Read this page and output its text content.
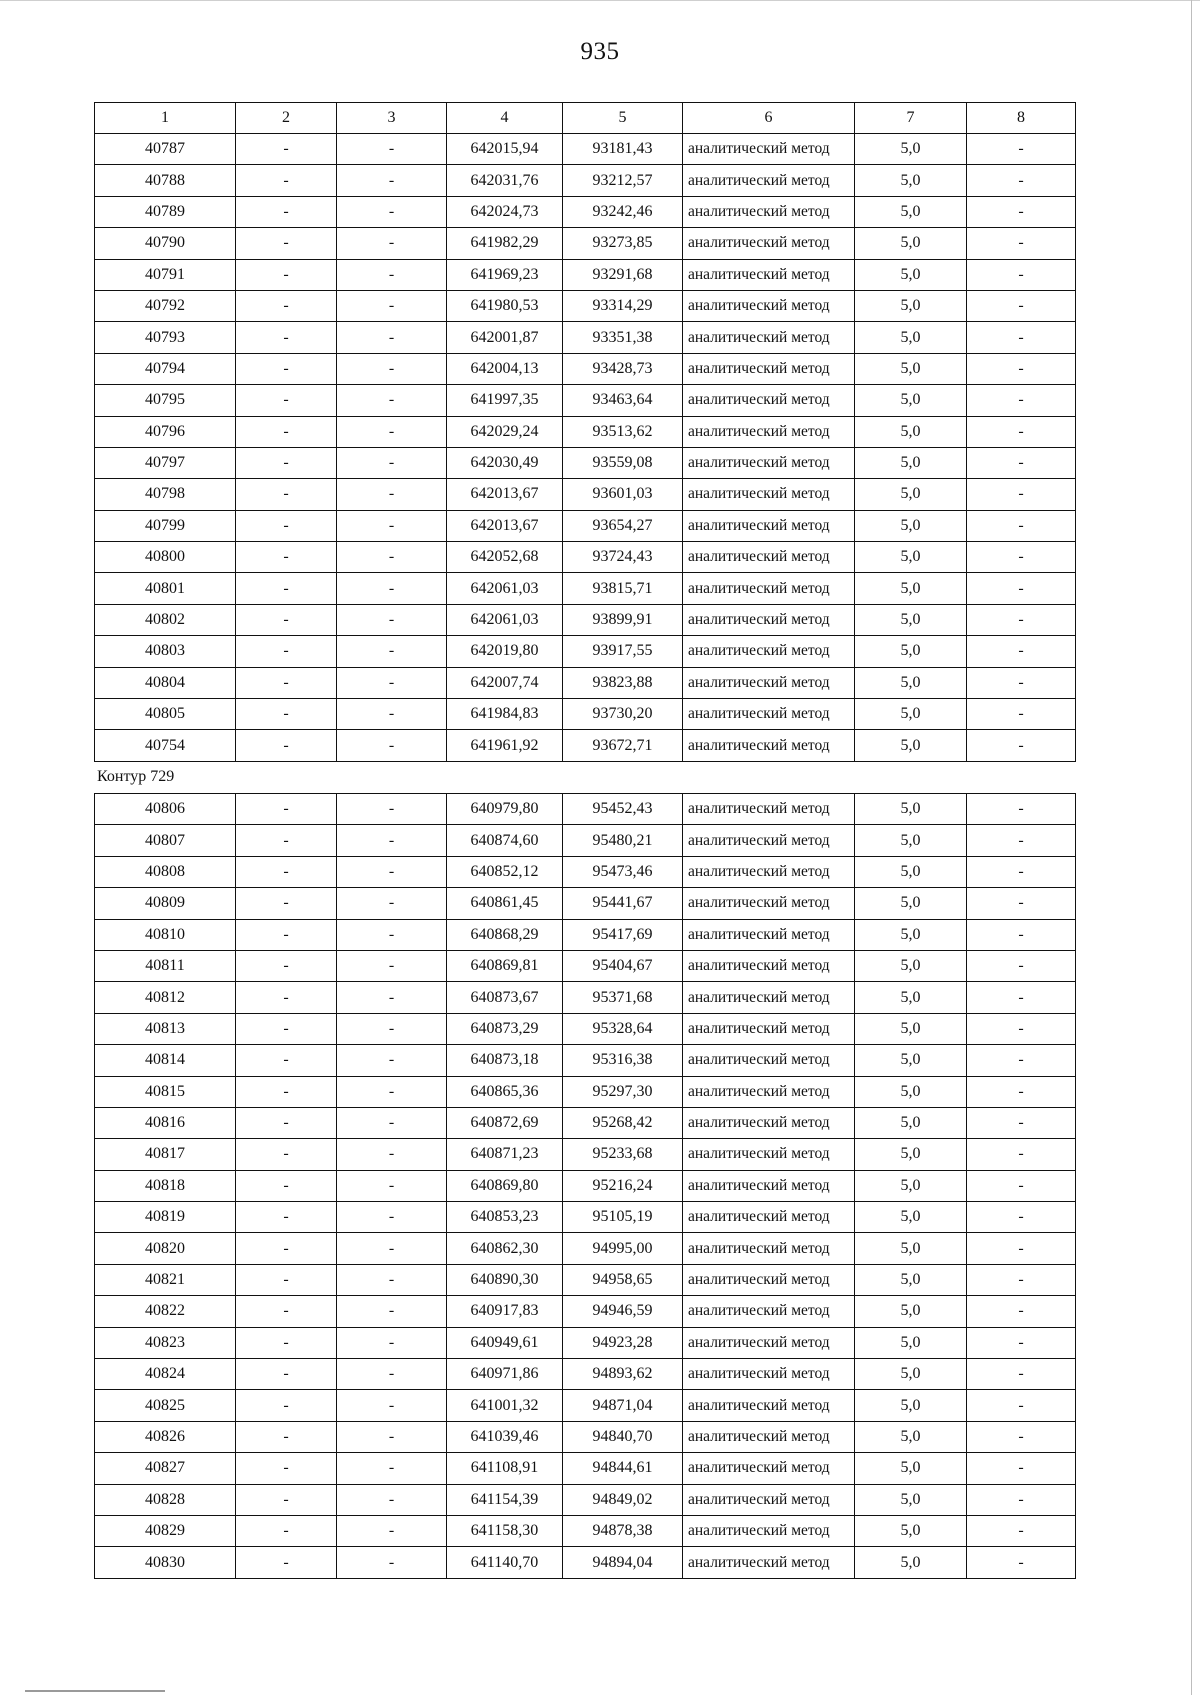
935
1	2	3	4	5	6	7	8
40787	-	-	642015,94	93181,43	аналитический метод	5,0	-
40788	-	-	642031,76	93212,57	аналитический метод	5,0	-
40789	-	-	642024,73	93242,46	аналитический метод	5,0	-
40790	-	-	641982,29	93273,85	аналитический метод	5,0	-
40791	-	-	641969,23	93291,68	аналитический метод	5,0	-
40792	-	-	641980,53	93314,29	аналитический метод	5,0	-
40793	-	-	642001,87	93351,38	аналитический метод	5,0	-
40794	-	-	642004,13	93428,73	аналитический метод	5,0	-
40795	-	-	641997,35	93463,64	аналитический метод	5,0	-
40796	-	-	642029,24	93513,62	аналитический метод	5,0	-
40797	-	-	642030,49	93559,08	аналитический метод	5,0	-
40798	-	-	642013,67	93601,03	аналитический метод	5,0	-
40799	-	-	642013,67	93654,27	аналитический метод	5,0	-
40800	-	-	642052,68	93724,43	аналитический метод	5,0	-
40801	-	-	642061,03	93815,71	аналитический метод	5,0	-
40802	-	-	642061,03	93899,91	аналитический метод	5,0	-
40803	-	-	642019,80	93917,55	аналитический метод	5,0	-
40804	-	-	642007,74	93823,88	аналитический метод	5,0	-
40805	-	-	641984,83	93730,20	аналитический метод	5,0	-
40754	-	-	641961,92	93672,71	аналитический метод	5,0	-
Контур 729
40806	-	-	640979,80	95452,43	аналитический метод	5,0	-
40807	-	-	640874,60	95480,21	аналитический метод	5,0	-
40808	-	-	640852,12	95473,46	аналитический метод	5,0	-
40809	-	-	640861,45	95441,67	аналитический метод	5,0	-
40810	-	-	640868,29	95417,69	аналитический метод	5,0	-
40811	-	-	640869,81	95404,67	аналитический метод	5,0	-
40812	-	-	640873,67	95371,68	аналитический метод	5,0	-
40813	-	-	640873,29	95328,64	аналитический метод	5,0	-
40814	-	-	640873,18	95316,38	аналитический метод	5,0	-
40815	-	-	640865,36	95297,30	аналитический метод	5,0	-
40816	-	-	640872,69	95268,42	аналитический метод	5,0	-
40817	-	-	640871,23	95233,68	аналитический метод	5,0	-
40818	-	-	640869,80	95216,24	аналитический метод	5,0	-
40819	-	-	640853,23	95105,19	аналитический метод	5,0	-
40820	-	-	640862,30	94995,00	аналитический метод	5,0	-
40821	-	-	640890,30	94958,65	аналитический метод	5,0	-
40822	-	-	640917,83	94946,59	аналитический метод	5,0	-
40823	-	-	640949,61	94923,28	аналитический метод	5,0	-
40824	-	-	640971,86	94893,62	аналитический метод	5,0	-
40825	-	-	641001,32	94871,04	аналитический метод	5,0	-
40826	-	-	641039,46	94840,70	аналитический метод	5,0	-
40827	-	-	641108,91	94844,61	аналитический метод	5,0	-
40828	-	-	641154,39	94849,02	аналитический метод	5,0	-
40829	-	-	641158,30	94878,38	аналитический метод	5,0	-
40830	-	-	641140,70	94894,04	аналитический метод	5,0	-
